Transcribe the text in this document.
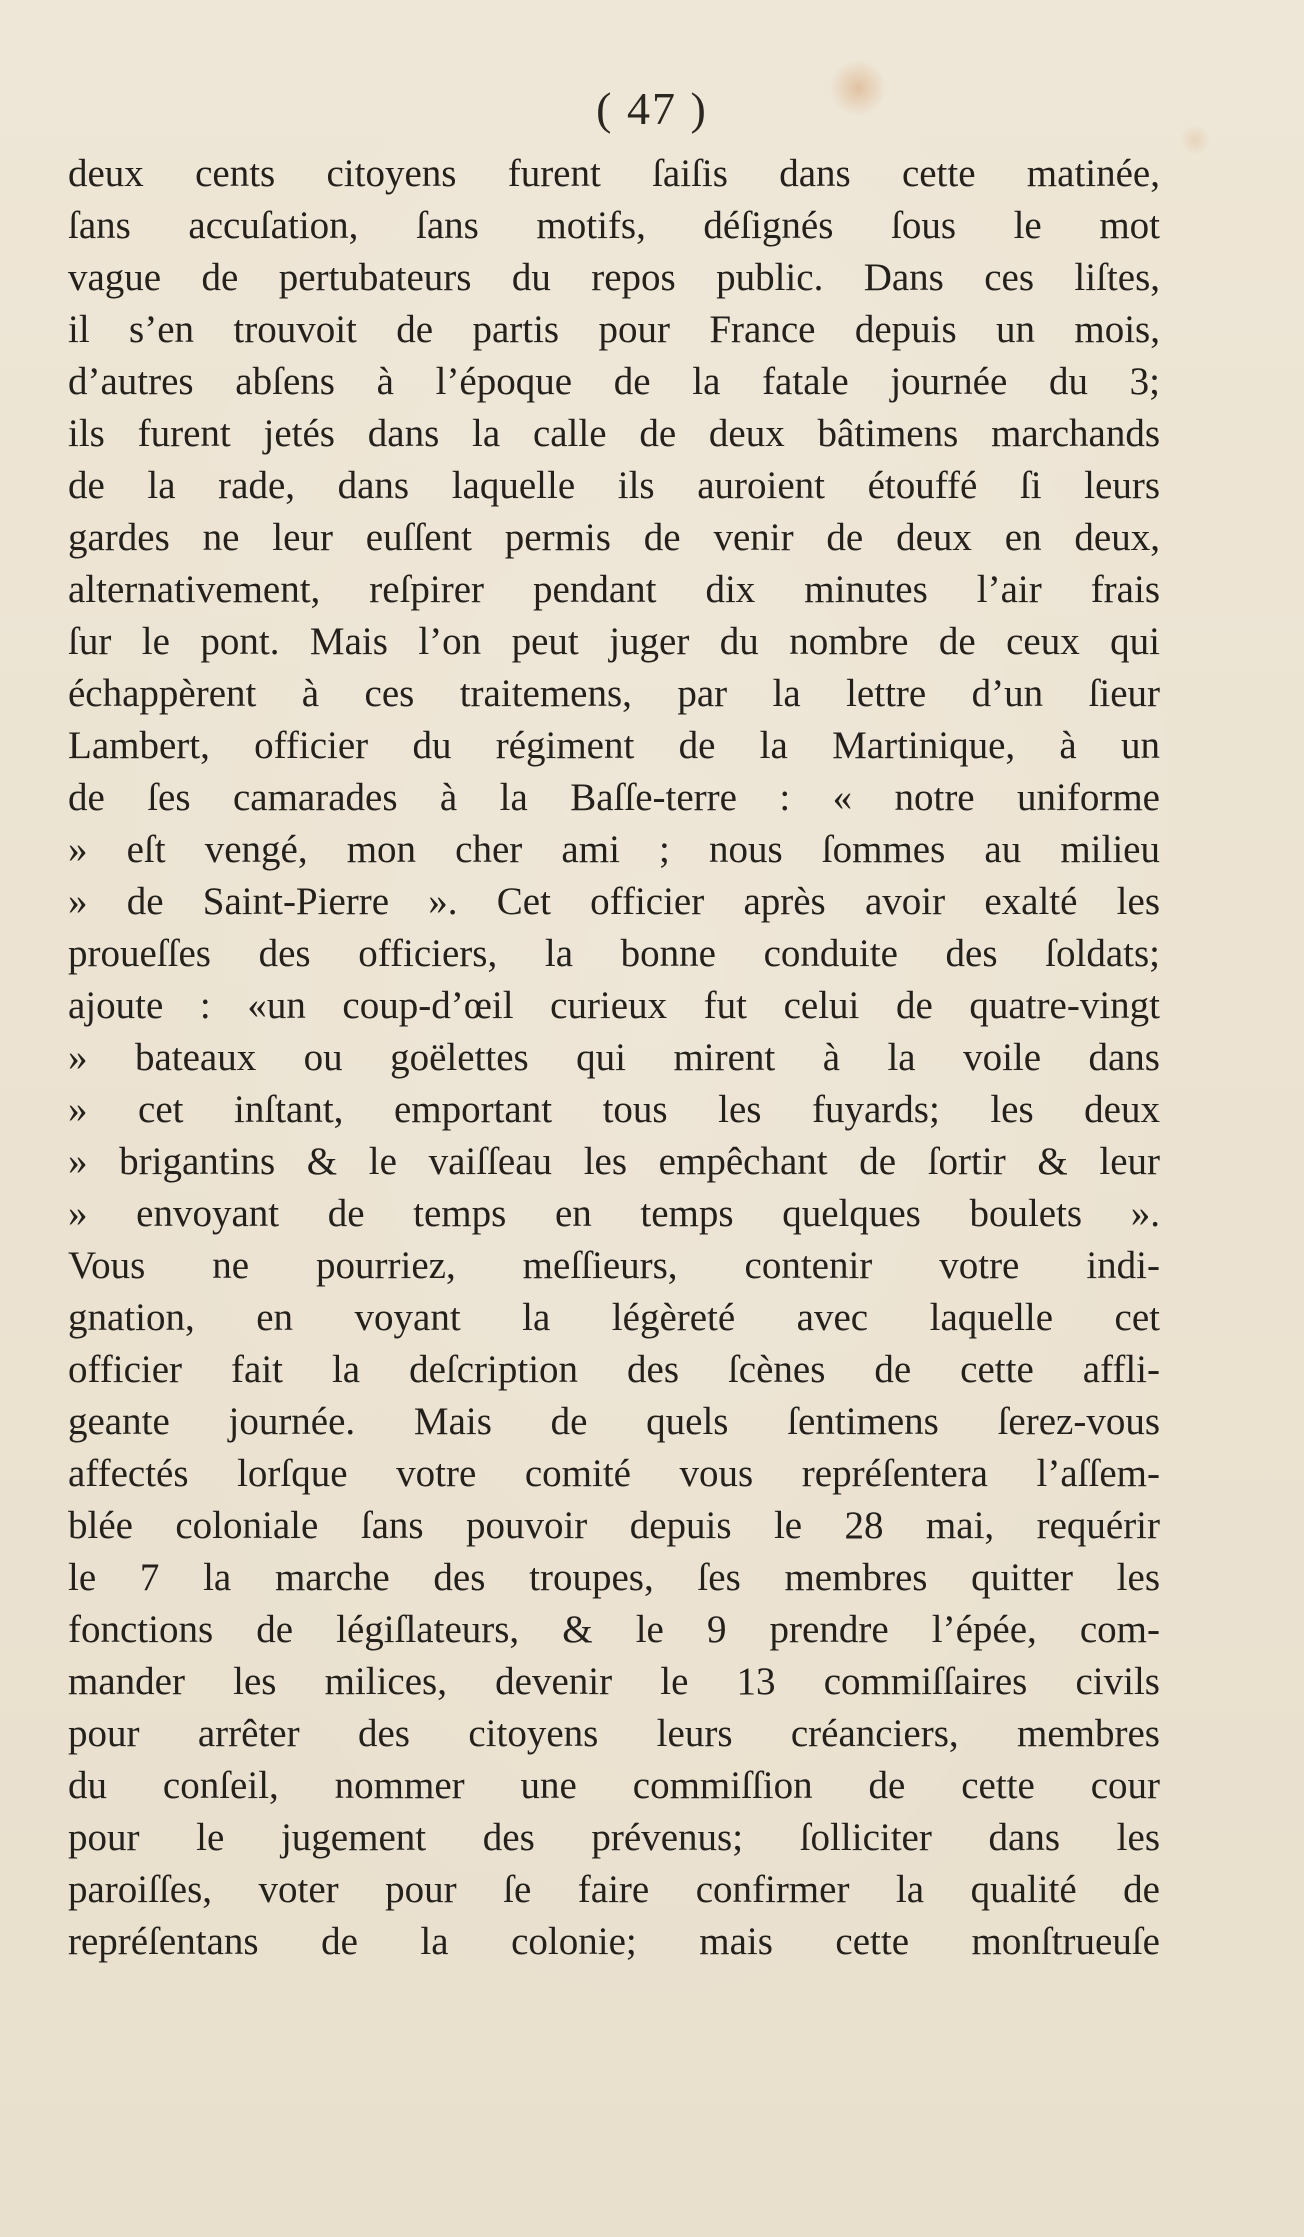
( 47 )
deux cents citoyens furent ſaiſis dans cette matinée,
ſans accuſation, ſans motifs, déſignés ſous le mot
vague de pertubateurs du repos public. Dans ces liſtes,
il s’en trouvoit de partis pour France depuis un mois,
d’autres abſens à l’époque de la fatale journée du 3;
ils furent jetés dans la calle de deux bâtimens marchands
de la rade, dans laquelle ils auroient étouffé ſi leurs
gardes ne leur euſſent permis de venir de deux en deux,
alternativement, reſpirer pendant dix minutes l’air frais
ſur le pont. Mais l’on peut juger du nombre de ceux qui
échappèrent à ces traitemens, par la lettre d’un ſieur
Lambert, officier du régiment de la Martinique, à un
de ſes camarades à la Baſſe-terre : « notre uniforme
» eſt vengé, mon cher ami ; nous ſommes au milieu
» de Saint-Pierre ». Cet officier après avoir exalté les
proueſſes des officiers, la bonne conduite des ſoldats;
ajoute : «un coup-d’œil curieux fut celui de quatre-vingt
» bateaux ou goëlettes qui mirent à la voile dans
» cet inſtant, emportant tous les fuyards; les deux
» brigantins & le vaiſſeau les empêchant de ſortir & leur
» envoyant de temps en temps quelques boulets ».
Vous ne pourriez, meſſieurs, contenir votre indi-
gnation, en voyant la légèreté avec laquelle cet
officier fait la deſcription des ſcènes de cette affli-
geante journée. Mais de quels ſentimens ſerez-vous
affectés lorſque votre comité vous repréſentera l’aſſem-
blée coloniale ſans pouvoir depuis le 28 mai, requérir
le 7 la marche des troupes, ſes membres quitter les
fonctions de légiſlateurs, & le 9 prendre l’épée, com-
mander les milices, devenir le 13 commiſſaires civils
pour arrêter des citoyens leurs créanciers, membres
du conſeil, nommer une commiſſion de cette cour
pour le jugement des prévenus; ſolliciter dans les
paroiſſes, voter pour ſe faire confirmer la qualité de
repréſentans de la colonie; mais cette monſtrueuſe
